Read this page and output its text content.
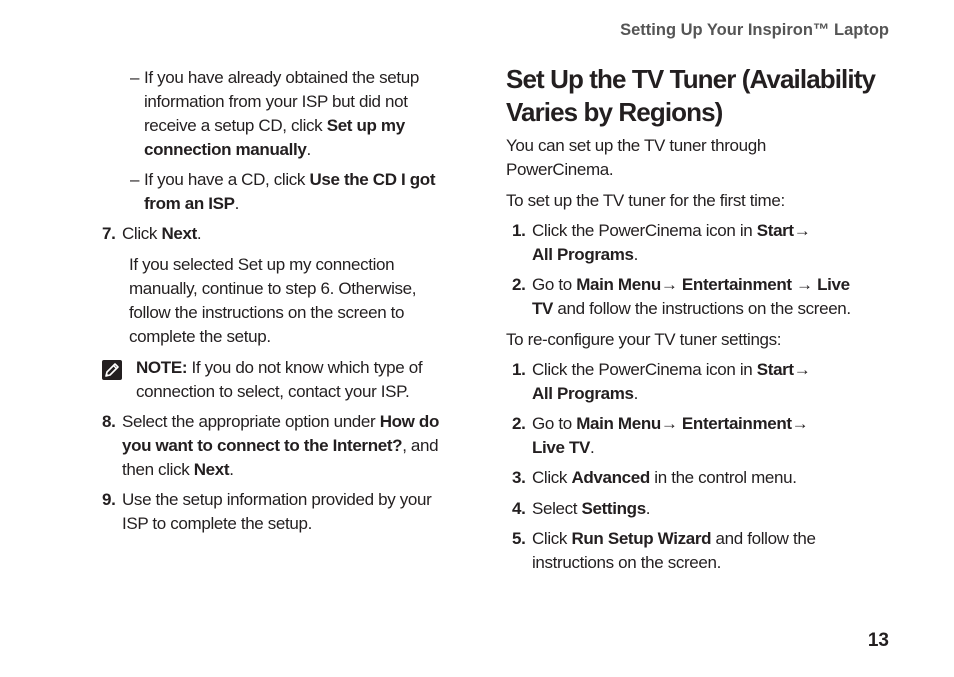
Setting Up Your Inspiron™ Laptop
– If you have already obtained the setup
information from your ISP but did not
receive a setup CD, click Set up my
connection manually.
– If you have a CD, click Use the CD I got
from an ISP.
7. Click Next.
If you selected Set up my connection
manually, continue to step 6. Otherwise,
follow the instructions on the screen to
complete the setup.
NOTE: If you do not know which type of
connection to select, contact your ISP.
8. Select the appropriate option under How do
you want to connect to the Internet?, and
then click Next.
9. Use the setup information provided by your
ISP to complete the setup.
Set Up the TV Tuner (Availability
Varies by Regions)
You can set up the TV tuner through
PowerCinema.
To set up the TV tuner for the first time:
1. Click the PowerCinema icon in Start→
All Programs.
2. Go to Main Menu→ Entertainment → Live
TV and follow the instructions on the screen.
To re-configure your TV tuner settings:
1. Click the PowerCinema icon in Start→
All Programs.
2. Go to Main Menu→ Entertainment→
Live TV.
3. Click Advanced in the control menu.
4. Select Settings.
5. Click Run Setup Wizard and follow the
instructions on the screen.
13
